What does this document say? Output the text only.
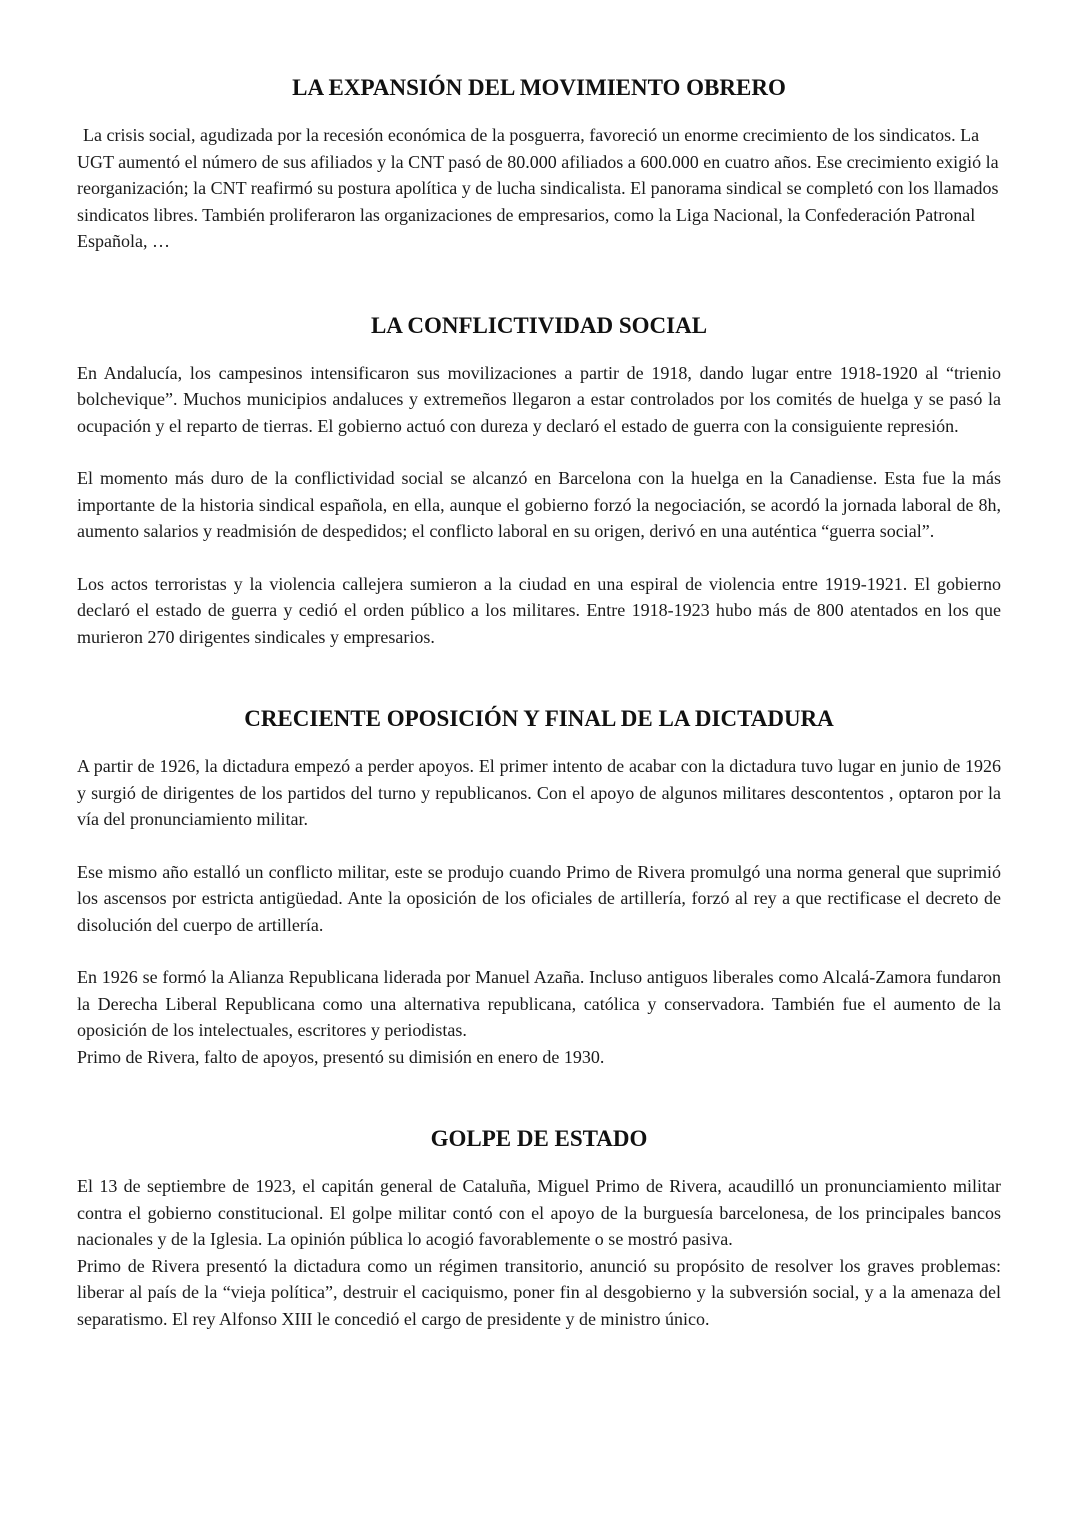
LA EXPANSIÓN DEL MOVIMIENTO OBRERO

La crisis social, agudizada por la recesión económica de la posguerra, favoreció un enorme crecimiento de los sindicatos. La UGT aumentó el número de sus afiliados y la CNT pasó de 80.000 afiliados a 600.000 en cuatro años. Ese crecimiento exigió la reorganización; la CNT reafirmó su postura apolítica y de lucha sindicalista. El panorama sindical se completó con los llamados sindicatos libres. También proliferaron las organizaciones de empresarios, como la Liga Nacional, la Confederación Patronal Española, …

LA CONFLICTIVIDAD SOCIAL

En Andalucía, los campesinos intensificaron sus movilizaciones a partir de 1918, dando lugar entre 1918-1920 al “trienio bolchevique”. Muchos municipios andaluces y extremeños llegaron a estar controlados por los comités de huelga y se pasó la ocupación y el reparto de tierras. El gobierno actuó con dureza y declaró el estado de guerra con la consiguiente represión.

El momento más duro de la conflictividad social se alcanzó en Barcelona con la huelga en la Canadiense. Esta fue la más importante de la historia sindical española, en ella, aunque el gobierno forzó la negociación, se acordó la jornada laboral de 8h, aumento salarios y readmisión de despedidos; el conflicto laboral en su origen, derivó en una auténtica “guerra social”.

Los actos terroristas y la violencia callejera sumieron a la ciudad en una espiral de violencia entre 1919-1921. El gobierno declaró el estado de guerra y cedió el orden público a los militares. Entre 1918-1923 hubo más de 800 atentados en los que murieron 270 dirigentes sindicales y empresarios.

CRECIENTE OPOSICIÓN Y FINAL DE LA DICTADURA

A partir de 1926, la dictadura empezó a perder apoyos. El primer intento de acabar con la dictadura tuvo lugar en junio de 1926 y surgió de dirigentes de los partidos del turno y republicanos. Con el apoyo de algunos militares descontentos , optaron por la vía del pronunciamiento militar.

Ese mismo año estalló un conflicto militar, este se produjo cuando Primo de Rivera promulgó una norma general que suprimió los ascensos por estricta antigüedad. Ante la oposición de los oficiales de artillería, forzó al rey a que rectificase el decreto de disolución del cuerpo de artillería.

En 1926 se formó la Alianza Republicana liderada por Manuel Azaña. Incluso antiguos liberales como Alcalá-Zamora fundaron la Derecha Liberal Republicana como una alternativa republicana, católica y conservadora. También fue el aumento de la oposición de los intelectuales, escritores y periodistas.

Primo de Rivera, falto de apoyos, presentó su dimisión en enero de 1930.

GOLPE DE ESTADO

El 13 de septiembre de 1923, el capitán general de Cataluña, Miguel Primo de Rivera, acaudilló un pronunciamiento militar contra el gobierno constitucional. El golpe militar contó con el apoyo de la burguesía barcelonesa, de los principales bancos nacionales y de la Iglesia. La opinión pública lo acogió favorablemente o se mostró pasiva.

Primo de Rivera presentó la dictadura como un régimen transitorio, anunció su propósito de resolver los graves problemas: liberar al país de la “vieja política”, destruir el caciquismo, poner fin al desgobierno y la subversión social, y a la amenaza del separatismo. El rey Alfonso XIII le concedió el cargo de presidente y de ministro único.
